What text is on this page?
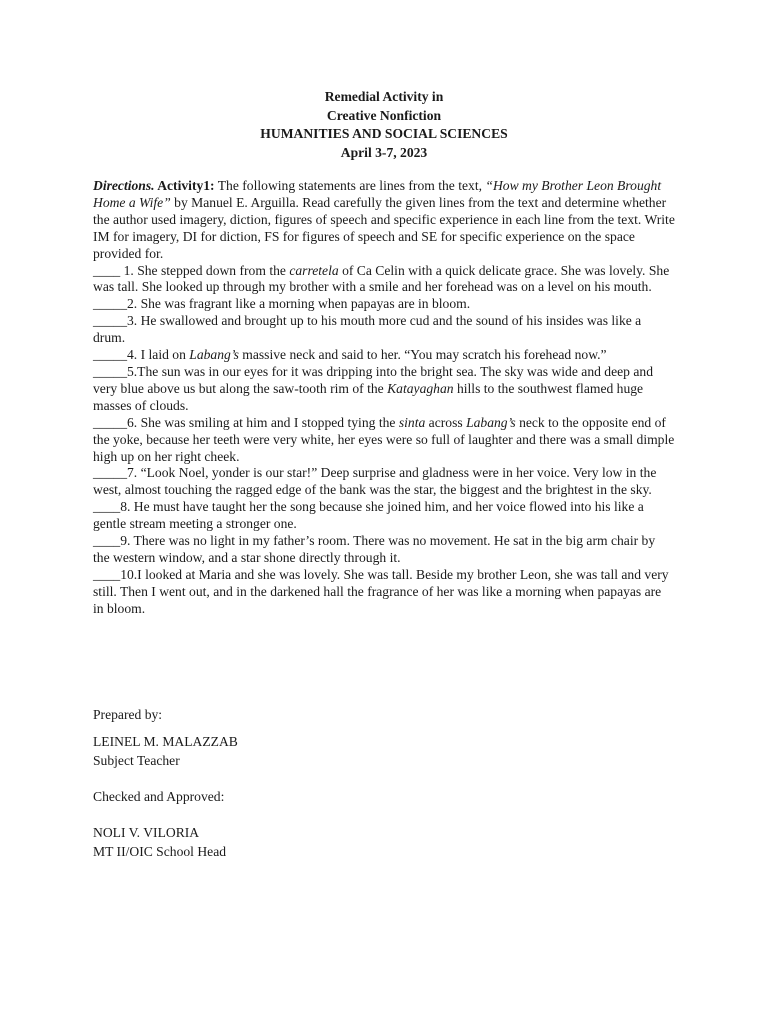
Remedial Activity in
Creative Nonfiction
HUMANITIES AND SOCIAL SCIENCES
April 3-7, 2023

Directions. Activity1: The following statements are lines from the text, “How my Brother Leon Brought Home a Wife” by Manuel E. Arguilla. Read carefully the given lines from the text and determine whether the author used imagery, diction, figures of speech and specific experience in each line from the text. Write IM for imagery, DI for diction, FS for figures of speech and SE for specific experience on the space provided for.

____ 1. She stepped down from the carretela of Ca Celin with a quick delicate grace. She was lovely. She was tall. She looked up through my brother with a smile and her forehead was on a level on his mouth.

_____2. She was fragrant like a morning when papayas are in bloom.

_____3. He swallowed and brought up to his mouth more cud and the sound of his insides was like a drum.

_____4. I laid on Labang’s massive neck and said to her. “You may scratch his forehead now.”

_____5.The sun was in our eyes for it was dripping into the bright sea. The sky was wide and deep and very blue above us but along the saw-tooth rim of the Katayaghan hills to the southwest flamed huge masses of clouds.

_____6. She was smiling at him and I stopped tying the sinta across Labang’s neck to the opposite end of the yoke, because her teeth were very white, her eyes were so full of laughter and there was a small dimple high up on her right cheek.

_____7. “Look Noel, yonder is our star!” Deep surprise and gladness were in her voice. Very low in the west, almost touching the ragged edge of the bank was the star, the biggest and the brightest in the sky.

____8. He must have taught her the song because she joined him, and her voice flowed into his like a gentle stream meeting a stronger one.

____9. There was no light in my father’s room. There was no movement. He sat in the big arm chair by the western window, and a star shone directly through it.

____10.I looked at Maria and she was lovely. She was tall. Beside my brother Leon, she was tall and very still. Then I went out, and in the darkened hall the fragrance of her was like a morning when papayas are in bloom.

Prepared by:
LEINEL M. MALAZZAB
Subject Teacher
Checked and Approved:
NOLI V. VILORIA
MT II/OIC School Head
